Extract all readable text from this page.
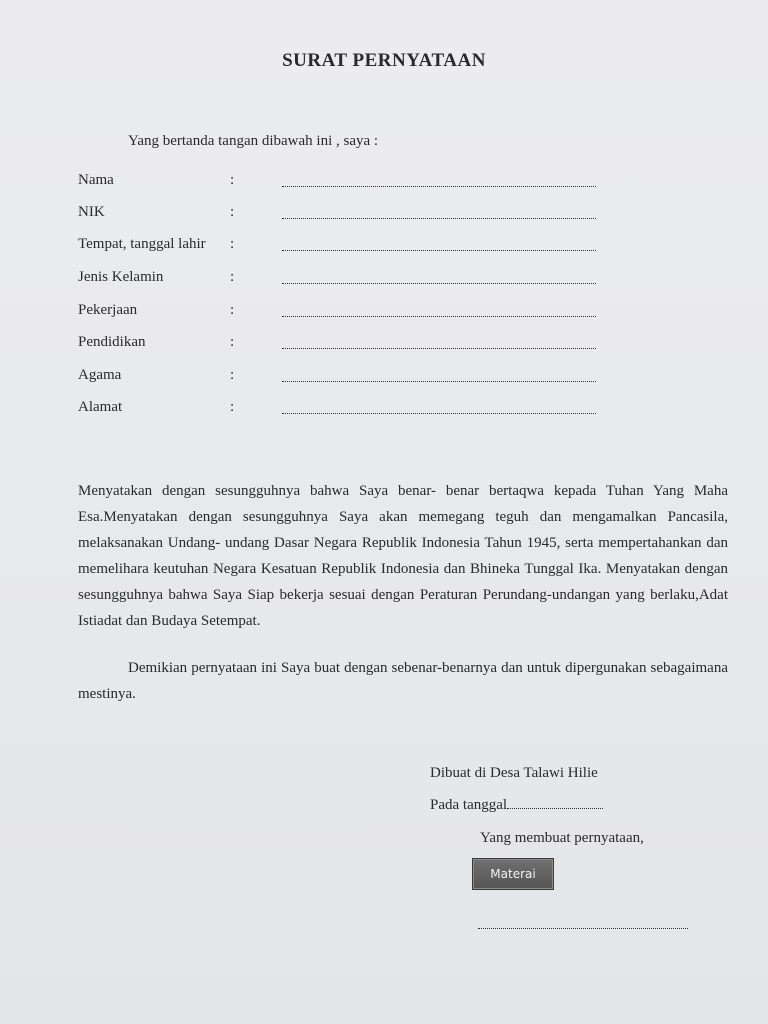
SURAT PERNYATAAN
Yang bertanda tangan dibawah ini , saya :
Nama	:
NIK	:
Tempat, tanggal lahir :
Jenis Kelamin	:
Pekerjaan	:
Pendidikan	:
Agama	:
Alamat	:

Menyatakan dengan sesungguhnya bahwa Saya benar- benar bertaqwa kepada Tuhan Yang Maha Esa.Menyatakan dengan sesungguhnya Saya akan memegang teguh dan mengamalkan Pancasila, melaksanakan Undang- undang Dasar Negara Republik Indonesia Tahun 1945, serta mempertahankan dan memelihara keutuhan Negara Kesatuan Republik Indonesia dan Bhineka Tunggal Ika. Menyatakan dengan sesungguhnya bahwa Saya Siap bekerja sesuai dengan Peraturan Perundang-undangan yang berlaku,Adat Istiadat dan Budaya Setempat.

Demikian pernyataan ini Saya buat dengan sebenar-benarnya dan untuk dipergunakan sebagaimana mestinya.

Dibuat di Desa Talawi Hilie
Pada tanggal
Yang membuat pernyataan,
Materai
